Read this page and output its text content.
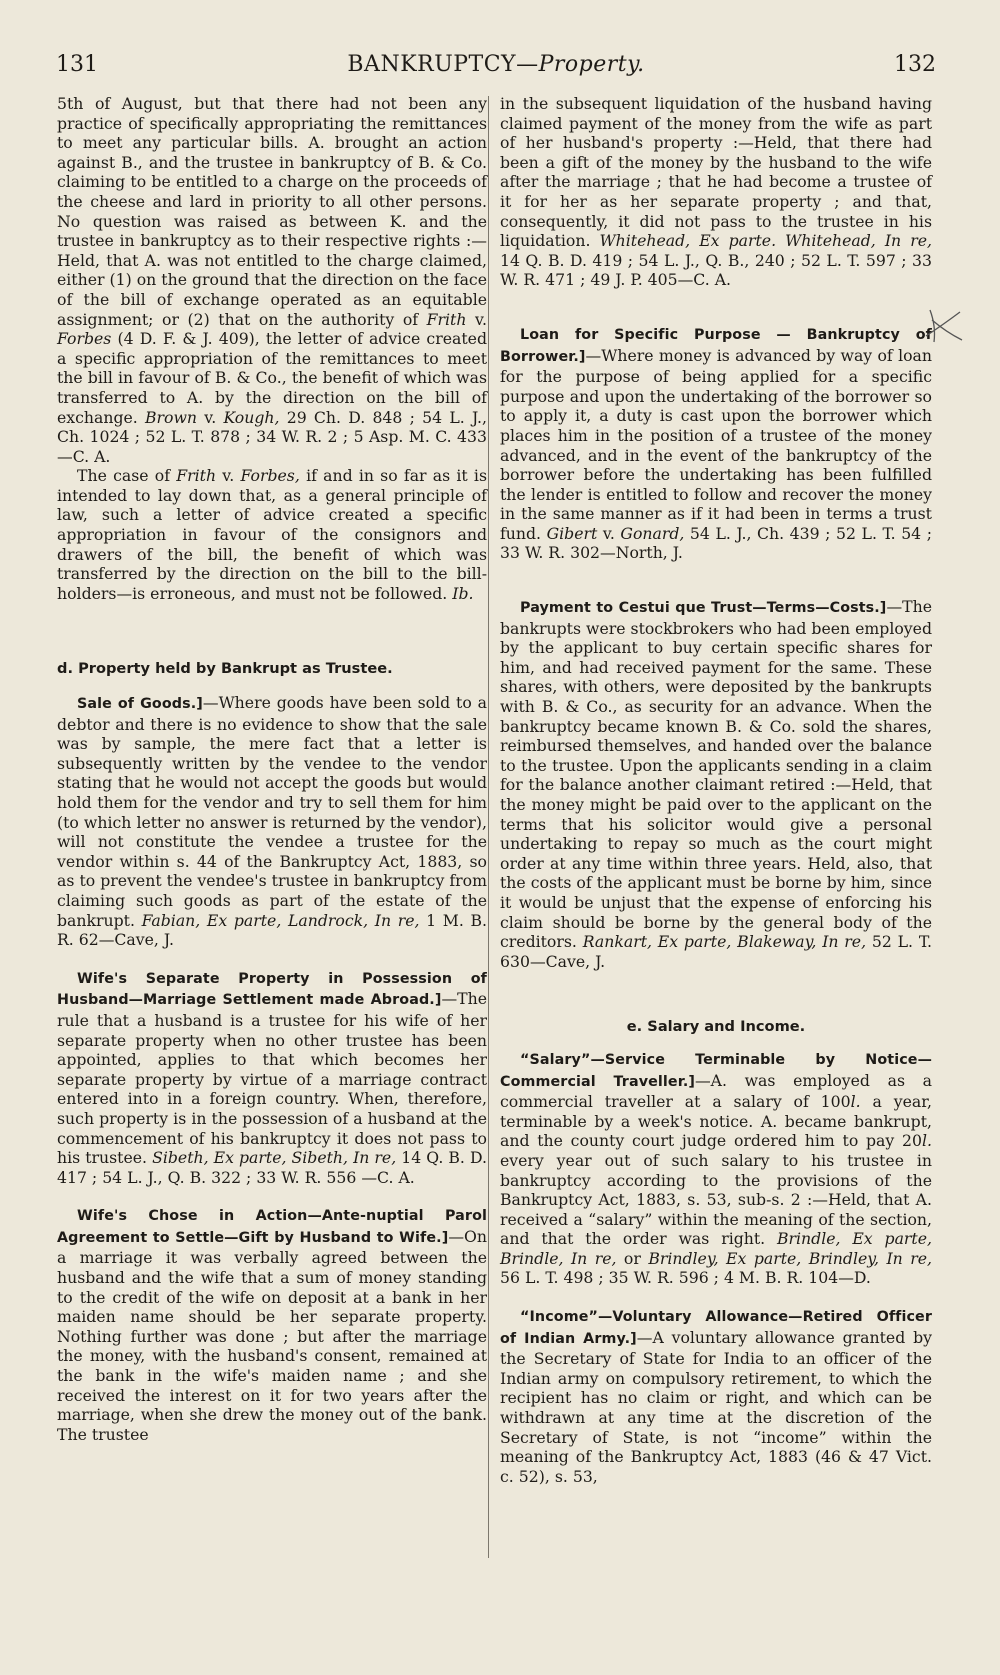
131	BANKRUPTCY—Property.	132

5th of August, but that there had not been any practice of specifically appropriating the remittances to meet any particular bills. A. brought an action against B., and the trustee in bankruptcy of B. & Co. claiming to be entitled to a charge on the proceeds of the cheese and lard in priority to all other persons. No question was raised as between K. and the trustee in bankruptcy as to their respective rights :—Held, that A. was not entitled to the charge claimed, either (1) on the ground that the direction on the face of the bill of exchange operated as an equitable assignment; or (2) that on the authority of Frith v. Forbes (4 D. F. & J. 409), the letter of advice created a specific appropriation of the remittances to meet the bill in favour of B. & Co., the benefit of which was transferred to A. by the direction on the bill of exchange. Brown v. Kough, 29 Ch. D. 848 ; 54 L. J., Ch. 1024 ; 52 L. T. 878 ; 34 W. R. 2 ; 5 Asp. M. C. 433—C. A.

The case of Frith v. Forbes, if and in so far as it is intended to lay down that, as a general principle of law, such a letter of advice created a specific appropriation in favour of the consignors and drawers of the bill, the benefit of which was transferred by the direction on the bill to the bill-holders—is erroneous, and must not be followed. Ib.

d. Property held by Bankrupt as Trustee.

Sale of Goods.]—Where goods have been sold to a debtor and there is no evidence to show that the sale was by sample, the mere fact that a letter is subsequently written by the vendee to the vendor stating that he would not accept the goods but would hold them for the vendor and try to sell them for him (to which letter no answer is returned by the vendor), will not constitute the vendee a trustee for the vendor within s. 44 of the Bankruptcy Act, 1883, so as to prevent the vendee's trustee in bankruptcy from claiming such goods as part of the estate of the bankrupt. Fabian, Ex parte, Landrock, In re, 1 M. B. R. 62—Cave, J.

Wife's Separate Property in Possession of Husband—Marriage Settlement made Abroad.]—The rule that a husband is a trustee for his wife of her separate property when no other trustee has been appointed, applies to that which becomes her separate property by virtue of a marriage contract entered into in a foreign country. When, therefore, such property is in the possession of a husband at the commencement of his bankruptcy it does not pass to his trustee. Sibeth, Ex parte, Sibeth, In re, 14 Q. B. D. 417 ; 54 L. J., Q. B. 322 ; 33 W. R. 556 —C. A.

Wife's Chose in Action—Ante-nuptial Parol Agreement to Settle—Gift by Husband to Wife.]—On a marriage it was verbally agreed between the husband and the wife that a sum of money standing to the credit of the wife on deposit at a bank in her maiden name should be her separate property. Nothing further was done ; but after the marriage the money, with the husband's consent, remained at the bank in the wife's maiden name ; and she received the interest on it for two years after the marriage, when she drew the money out of the bank. The trustee

in the subsequent liquidation of the husband having claimed payment of the money from the wife as part of her husband's property :—Held, that there had been a gift of the money by the husband to the wife after the marriage ; that he had become a trustee of it for her as her separate property ; and that, consequently, it did not pass to the trustee in his liquidation. Whitehead, Ex parte. Whitehead, In re, 14 Q. B. D. 419 ; 54 L. J., Q. B., 240 ; 52 L. T. 597 ; 33 W. R. 471 ; 49 J. P. 405—C. A.

Loan for Specific Purpose — Bankruptcy of Borrower.]—Where money is advanced by way of loan for the purpose of being applied for a specific purpose and upon the undertaking of the borrower so to apply it, a duty is cast upon the borrower which places him in the position of a trustee of the money advanced, and in the event of the bankruptcy of the borrower before the undertaking has been fulfilled the lender is entitled to follow and recover the money in the same manner as if it had been in terms a trust fund. Gibert v. Gonard, 54 L. J., Ch. 439 ; 52 L. T. 54 ; 33 W. R. 302—North, J.

Payment to Cestui que Trust—Terms—Costs.]—The bankrupts were stockbrokers who had been employed by the applicant to buy certain specific shares for him, and had received payment for the same. These shares, with others, were deposited by the bankrupts with B. & Co., as security for an advance. When the bankruptcy became known B. & Co. sold the shares, reimbursed themselves, and handed over the balance to the trustee. Upon the applicants sending in a claim for the balance another claimant retired :—Held, that the money might be paid over to the applicant on the terms that his solicitor would give a personal undertaking to repay so much as the court might order at any time within three years. Held, also, that the costs of the applicant must be borne by him, since it would be unjust that the expense of enforcing his claim should be borne by the general body of the creditors. Rankart, Ex parte, Blakeway, In re, 52 L. T. 630—Cave, J.

e. Salary and Income.

“Salary”—Service Terminable by Notice—Commercial Traveller.]—A. was employed as a commercial traveller at a salary of 100l. a year, terminable by a week's notice. A. became bankrupt, and the county court judge ordered him to pay 20l. every year out of such salary to his trustee in bankruptcy according to the provisions of the Bankruptcy Act, 1883, s. 53, sub-s. 2 :—Held, that A. received a “salary” within the meaning of the section, and that the order was right. Brindle, Ex parte, Brindle, In re, or Brindley, Ex parte, Brindley, In re, 56 L. T. 498 ; 35 W. R. 596 ; 4 M. B. R. 104—D.

“Income”—Voluntary Allowance—Retired Officer of Indian Army.]—A voluntary allowance granted by the Secretary of State for India to an officer of the Indian army on compulsory retirement, to which the recipient has no claim or right, and which can be withdrawn at any time at the discretion of the Secretary of State, is not “income” within the meaning of the Bankruptcy Act, 1883 (46 & 47 Vict. c. 52), s. 53,
